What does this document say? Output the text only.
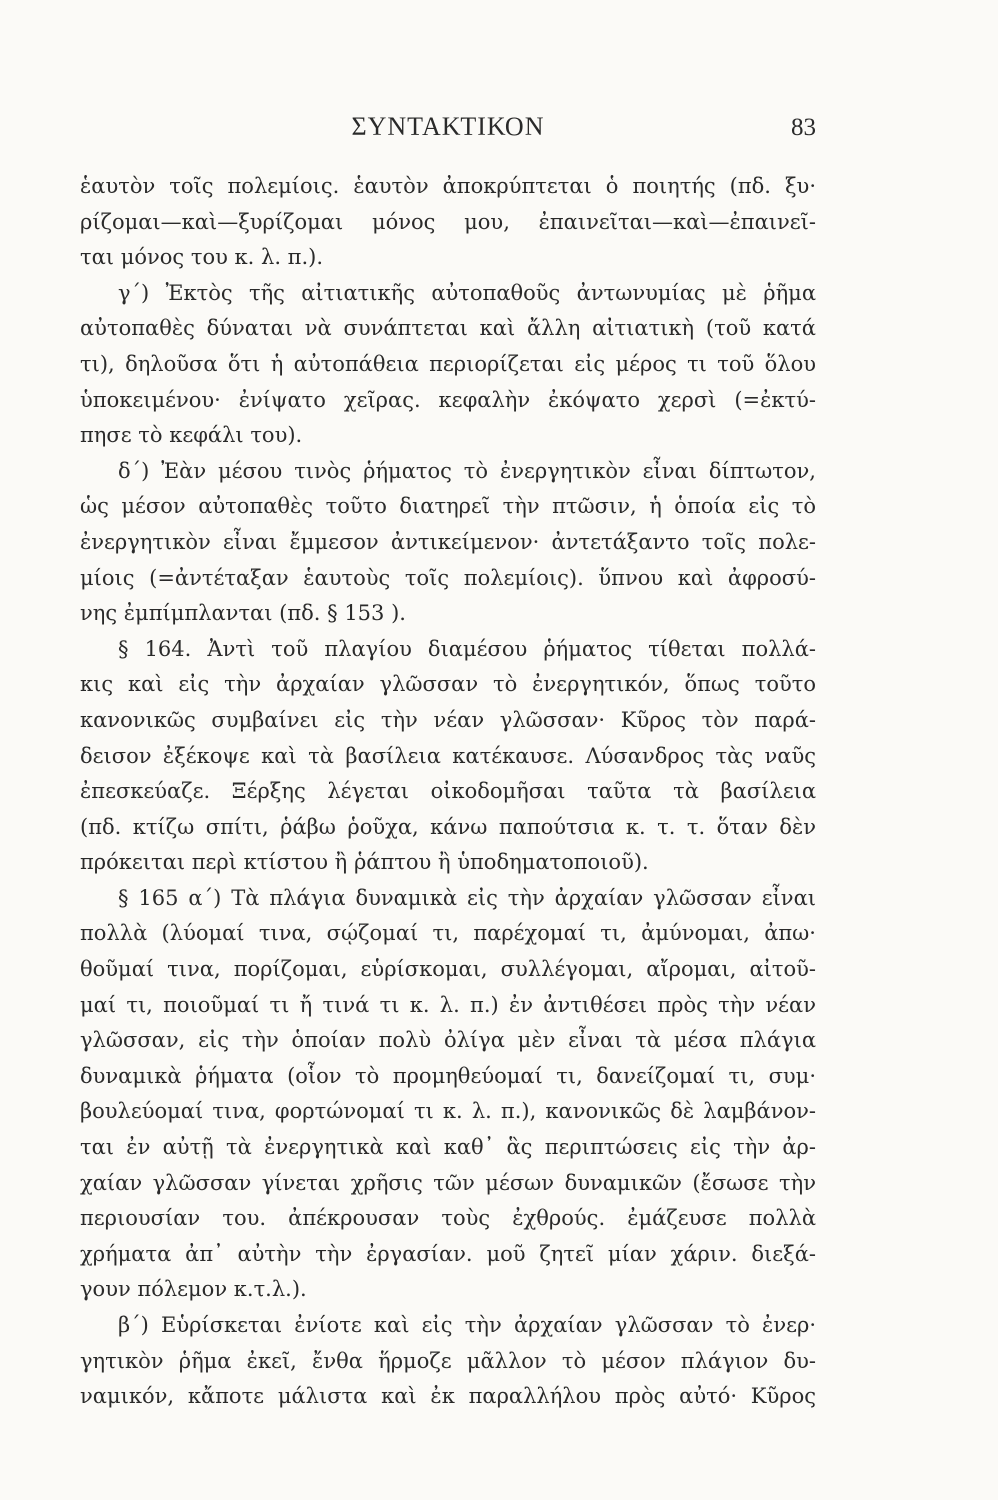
ΣΥΝΤΑΚΤΙΚΟΝ	83
ἑαυτὸν τοῖς πολεμίοις. ἑαυτὸν ἀποκρύπτεται ὁ ποιητής (πδ. ξυ·
ρίζομαι—καὶ—ξυρίζομαι μόνος μου, ἐπαινεῖται—καὶ—ἐπαινεῖ-
ται μόνος του κ. λ. π.).
γ΄) Ἐκτὸς τῆς αἰτιατικῆς αὐτοπαθοῦς ἀντωνυμίας μὲ ῥῆμα
αὐτοπαθὲς δύναται νὰ συνάπτεται καὶ ἄλλη αἰτιατικὴ (τοῦ κατά
τι), δηλοῦσα ὅτι ἡ αὐτοπάθεια περιορίζεται εἰς μέρος τι τοῦ ὅλου
ὑποκειμένου· ἐνίψατο χεῖρας. κεφαλὴν ἐκόψατο χερσὶ (=ἐκτύ-
πησε τὸ κεφάλι του).
δ΄) Ἐὰν μέσου τινὸς ῥήματος τὸ ἐνεργητικὸν εἶναι δίπτωτον,
ὡς μέσον αὐτοπαθὲς τοῦτο διατηρεῖ τὴν πτῶσιν, ἡ ὁποία εἰς τὸ
ἐνεργητικὸν εἶναι ἔμμεσον ἀντικείμενον· ἀντετάξαντο τοῖς πολε-
μίοις (=ἀντέταξαν ἑαυτοὺς τοῖς πολεμίοις). ὕπνου καὶ ἀφροσύ-
νης ἐμπίμπλανται (πδ. § 153 ).
§ 164. Ἀντὶ τοῦ πλαγίου διαμέσου ῥήματος τίθεται πολλά-
κις καὶ εἰς τὴν ἀρχαίαν γλῶσσαν τὸ ἐνεργητικόν, ὅπως τοῦτο
κανονικῶς συμβαίνει εἰς τὴν νέαν γλῶσσαν· Κῦρος τὸν παρά-
δεισον ἐξέκοψε καὶ τὰ βασίλεια κατέκαυσε. Λύσανδρος τὰς ναῦς
ἐπεσκεύαζε. Ξέρξης λέγεται οἰκοδομῆσαι ταῦτα τὰ βασίλεια
(πδ. κτίζω σπίτι, ῥάβω ῥοῦχα, κάνω παπούτσια κ. τ. τ. ὅταν δὲν
πρόκειται περὶ κτίστου ἢ ῥάπτου ἢ ὑποδηματοποιοῦ).
§ 165 α΄) Τὰ πλάγια δυναμικὰ εἰς τὴν ἀρχαίαν γλῶσσαν εἶναι
πολλὰ (λύομαί τινα, σῴζομαί τι, παρέχομαί τι, ἀμύνομαι, ἀπω·
θοῦμαί τινα, πορίζομαι, εὑρίσκομαι, συλλέγομαι, αἴρομαι, αἰτοῦ-
μαί τι, ποιοῦμαί τι ἤ τινά τι κ. λ. π.) ἐν ἀντιθέσει πρὸς τὴν νέαν
γλῶσσαν, εἰς τὴν ὁποίαν πολὺ ὀλίγα μὲν εἶναι τὰ μέσα πλάγια
δυναμικὰ ῥήματα (οἷον τὸ προμηθεύομαί τι, δανείζομαί τι, συμ·
βουλεύομαί τινα, φορτώνομαί τι κ. λ. π.), κανονικῶς δὲ λαμβάνον-
ται ἐν αὐτῇ τὰ ἐνεργητικὰ καὶ καθ᾽ ἃς περιπτώσεις εἰς τὴν ἀρ-
χαίαν γλῶσσαν γίνεται χρῆσις τῶν μέσων δυναμικῶν (ἔσωσε τὴν
περιουσίαν του. ἀπέκρουσαν τοὺς ἐχθρούς. ἐμάζευσε πολλὰ
χρήματα ἀπ᾽ αὐτὴν τὴν ἐργασίαν. μοῦ ζητεῖ μίαν χάριν. διεξά-
γουν πόλεμον κ.τ.λ.).
β΄) Εὑρίσκεται ἐνίοτε καὶ εἰς τὴν ἀρχαίαν γλῶσσαν τὸ ἐνερ·
γητικὸν ῥῆμα ἐκεῖ, ἔνθα ἥρμοζε μᾶλλον τὸ μέσον πλάγιον δυ-
ναμικόν, κἄποτε μάλιστα καὶ ἐκ παραλλήλου πρὸς αὐτό· Κῦρος
